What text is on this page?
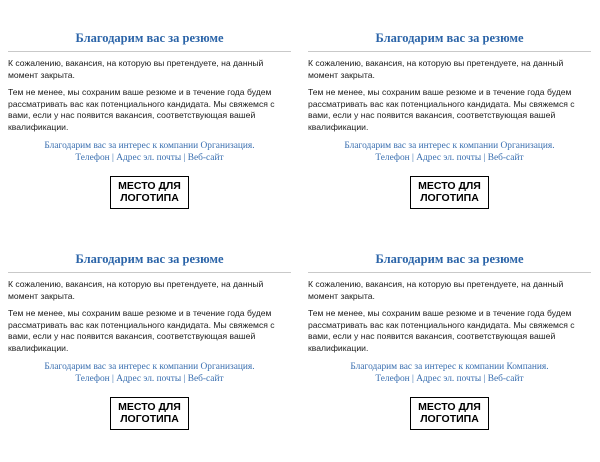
Благодарим вас за резюме

К сожалению, вакансия, на которую вы претендуете, на данный момент закрыта.

Тем не менее, мы сохраним ваше резюме и в течение года будем рассматривать вас как потенциального кандидата. Мы свяжемся с вами, если у нас появится вакансия, соответствующая вашей квалификации.

Благодарим вас за интерес к компании Организация.

Телефон | Адрес эл. почты | Веб-сайт

МЕСТО ДЛЯ
ЛОГОТИПА

Благодарим вас за резюме

К сожалению, вакансия, на которую вы претендуете, на данный момент закрыта.

Тем не менее, мы сохраним ваше резюме и в течение года будем рассматривать вас как потенциального кандидата. Мы свяжемся с вами, если у нас появится вакансия, соответствующая вашей квалификации.

Благодарим вас за интерес к компании Организация.

Телефон | Адрес эл. почты | Веб-сайт

МЕСТО ДЛЯ
ЛОГОТИПА

Благодарим вас за резюме

К сожалению, вакансия, на которую вы претендуете, на данный момент закрыта.

Тем не менее, мы сохраним ваше резюме и в течение года будем рассматривать вас как потенциального кандидата. Мы свяжемся с вами, если у нас появится вакансия, соответствующая вашей квалификации.

Благодарим вас за интерес к компании Организация.

Телефон | Адрес эл. почты | Веб-сайт

МЕСТО ДЛЯ
ЛОГОТИПА

Благодарим вас за резюме

К сожалению, вакансия, на которую вы претендуете, на данный момент закрыта.

Тем не менее, мы сохраним ваше резюме и в течение года будем рассматривать вас как потенциального кандидата. Мы свяжемся с вами, если у нас появится вакансия, соответствующая вашей квалификации.

Благодарим вас за интерес к компании Компания.

Телефон | Адрес эл. почты | Веб-сайт

МЕСТО ДЛЯ
ЛОГОТИПА
